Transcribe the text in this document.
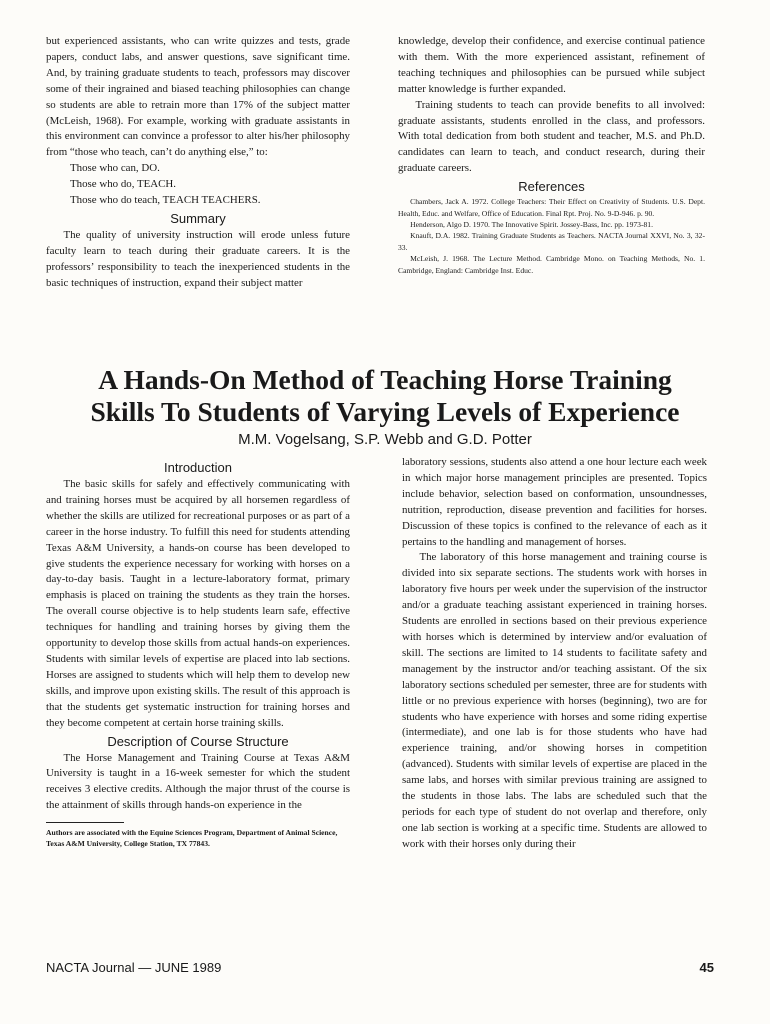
but experienced assistants, who can write quizzes and tests, grade papers, conduct labs, and answer questions, save significant time. And, by training graduate students to teach, professors may discover some of their ingrained and biased teaching philosophies can change so students are able to retrain more than 17% of the subject matter (McLeish, 1968). For example, working with graduate assistants in this environment can convince a professor to alter his/her philosophy from “those who teach, can’t do anything else,” to:

Those who can, DO.

Those who do, TEACH.

Those who do teach, TEACH TEACHERS.

Summary

The quality of university instruction will erode unless future faculty learn to teach during their graduate careers. It is the professors’ responsibility to teach the inexperienced students in the basic techniques of instruction, expand their subject matter

knowledge, develop their confidence, and exercise continual patience with them. With the more experienced assistant, refinement of teaching techniques and philosophies can be pursued while subject matter knowledge is further expanded.

Training students to teach can provide benefits to all involved: graduate assistants, students enrolled in the class, and professors. With total dedication from both student and teacher, M.S. and Ph.D. candidates can learn to teach, and conduct research, during their graduate careers.

References

Chambers, Jack A. 1972. College Teachers: Their Effect on Creativity of Students. U.S. Dept. Health, Educ. and Welfare, Office of Education. Final Rpt. Proj. No. 9-D-946. p. 90.

Henderson, Algo D. 1970. The Innovative Spirit. Jossey-Bass, Inc. pp. 1973-81.

Knauft, D.A. 1982. Training Graduate Students as Teachers. NACTA Journal XXVI, No. 3, 32-33.

McLeish, J. 1968. The Lecture Method. Cambridge Mono. on Teaching Methods, No. 1. Cambridge, England: Cambridge Inst. Educ.

A Hands-On Method of Teaching Horse Training
Skills To Students of Varying Levels of Experience
M.M. Vogelsang, S.P. Webb and G.D. Potter
Introduction

The basic skills for safely and effectively communicating with and training horses must be acquired by all horsemen regardless of whether the skills are utilized for recreational purposes or as part of a career in the horse industry. To fulfill this need for students attending Texas A&M University, a hands-on course has been developed to give students the experience necessary for working with horses on a day-to-day basis. Taught in a lecture-laboratory format, primary emphasis is placed on training the students as they train the horses. The overall course objective is to help students learn safe, effective techniques for handling and training horses by giving them the opportunity to develop those skills from actual hands-on experiences. Students with similar levels of expertise are placed into lab sections. Horses are assigned to students which will help them to develop new skills, and improve upon existing skills. The result of this approach is that the students get systematic instruction for training horses and they become competent at certain horse training skills.

Description of Course Structure

The Horse Management and Training Course at Texas A&M University is taught in a 16-week semester for which the student receives 3 elective credits. Although the major thrust of the course is the attainment of skills through hands-on experience in the

Authors are associated with the Equine Sciences Program, Department of Animal Science, Texas A&M University, College Station, TX 77843.

laboratory sessions, students also attend a one hour lecture each week in which major horse management principles are presented. Topics include behavior, selection based on conformation, unsoundnesses, nutrition, reproduction, disease prevention and facilities for horses. Discussion of these topics is confined to the relevance of each as it pertains to the handling and management of horses.

The laboratory of this horse management and training course is divided into six separate sections. The students work with horses in laboratory five hours per week under the supervision of the instructor and/or a graduate teaching assistant experienced in training horses. Students are enrolled in sections based on their previous experience with horses which is determined by interview and/or evaluation of skill. The sections are limited to 14 students to facilitate safety and management by the instructor and/or teaching assistant. Of the six laboratory sections scheduled per semester, three are for students with little or no previous experience with horses (beginning), two are for students who have experience with horses and some riding expertise (intermediate), and one lab is for those students who have had experience training, and/or showing horses in competition (advanced). Students with similar levels of expertise are placed in the same labs, and horses with similar previous training are assigned to the students in those labs. The labs are scheduled such that the periods for each type of student do not overlap and therefore, only one lab section is working at a specific time. Students are allowed to work with their horses only during their

NACTA Journal — JUNE 1989	45
